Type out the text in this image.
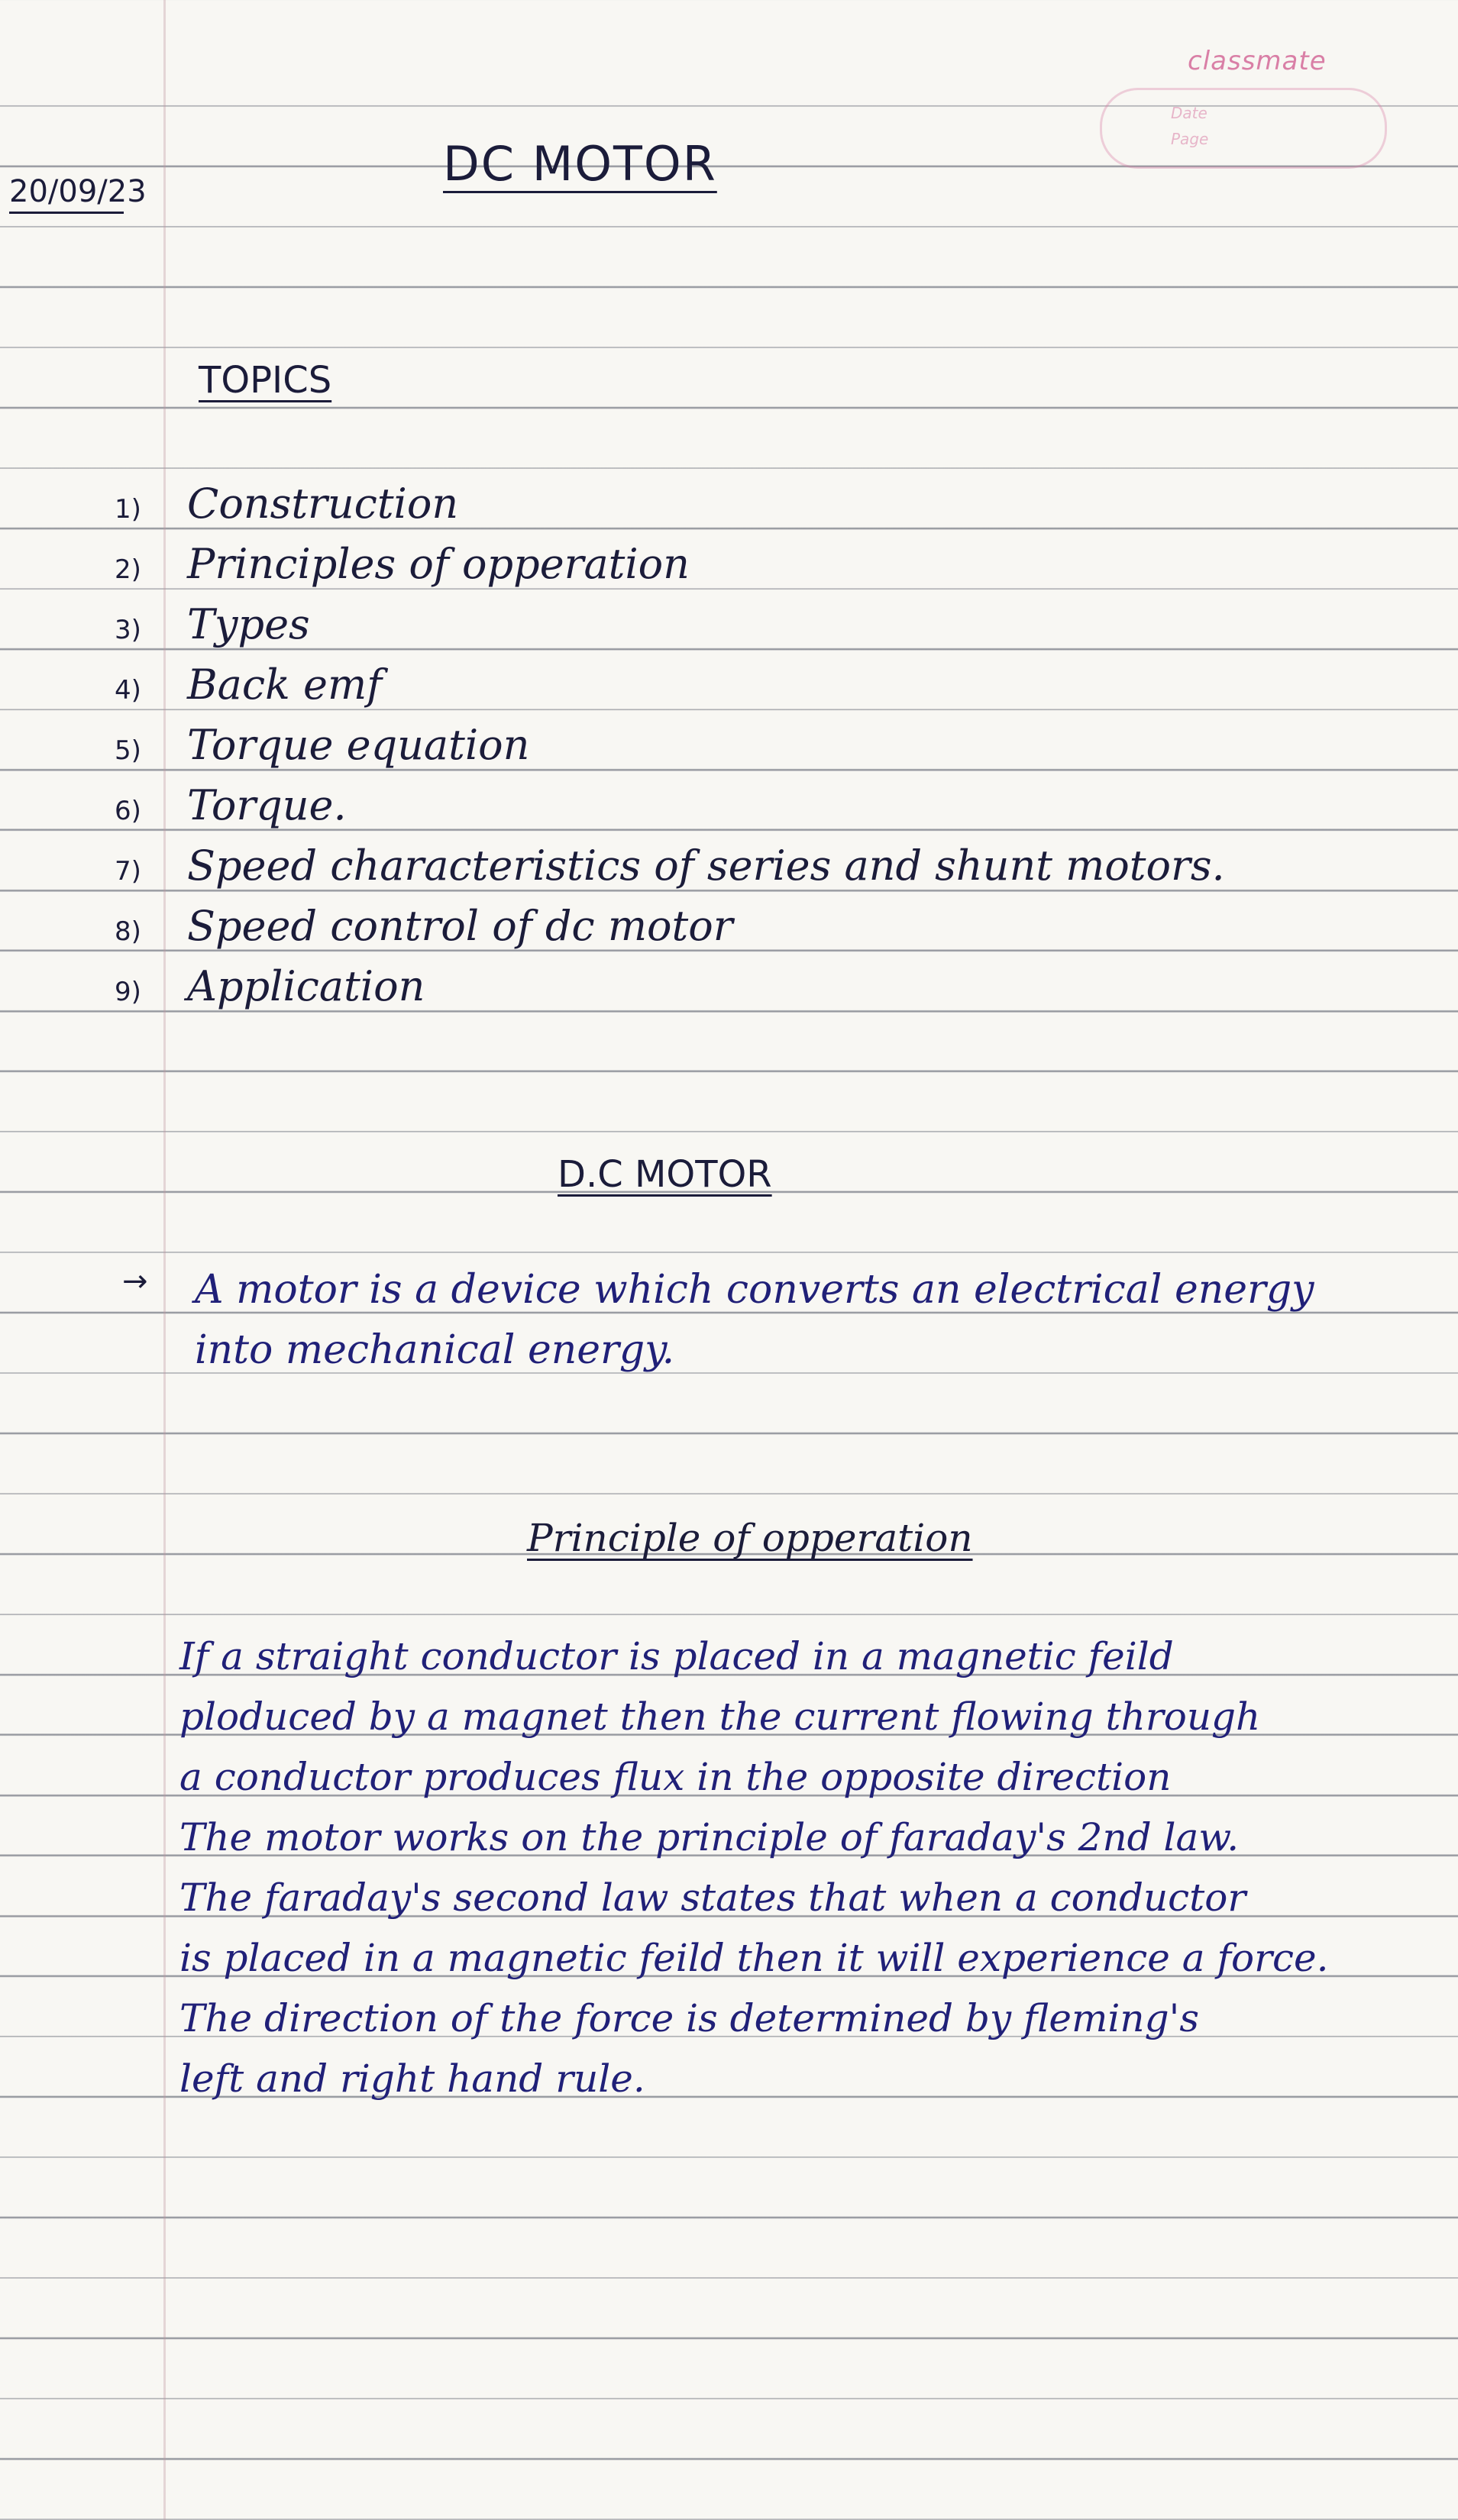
classmate
Date
Page
20/09/23	DC MOTOR
TOPICS
1) Construction
2) Principles of opperation
3) Types
4) Back emf
5) Torque equation
6) Torque.
7) Speed characteristics of series and shunt motors.
8) Speed control of dc motor
9) Application
D.C MOTOR
→ A motor is a device which converts an electrical energy
into mechanical energy.
Principle of opperation
If a straight conductor is placed in a magnetic feild
ploduced by a magnet then the current flowing through
a conductor produces flux in the opposite direction
The motor works on the principle of faraday's 2nd law.
The faraday's second law states that when a conductor
is placed in a magnetic feild then it will experience a force.
The direction of the force is determined by fleming's
left and right hand rule.
